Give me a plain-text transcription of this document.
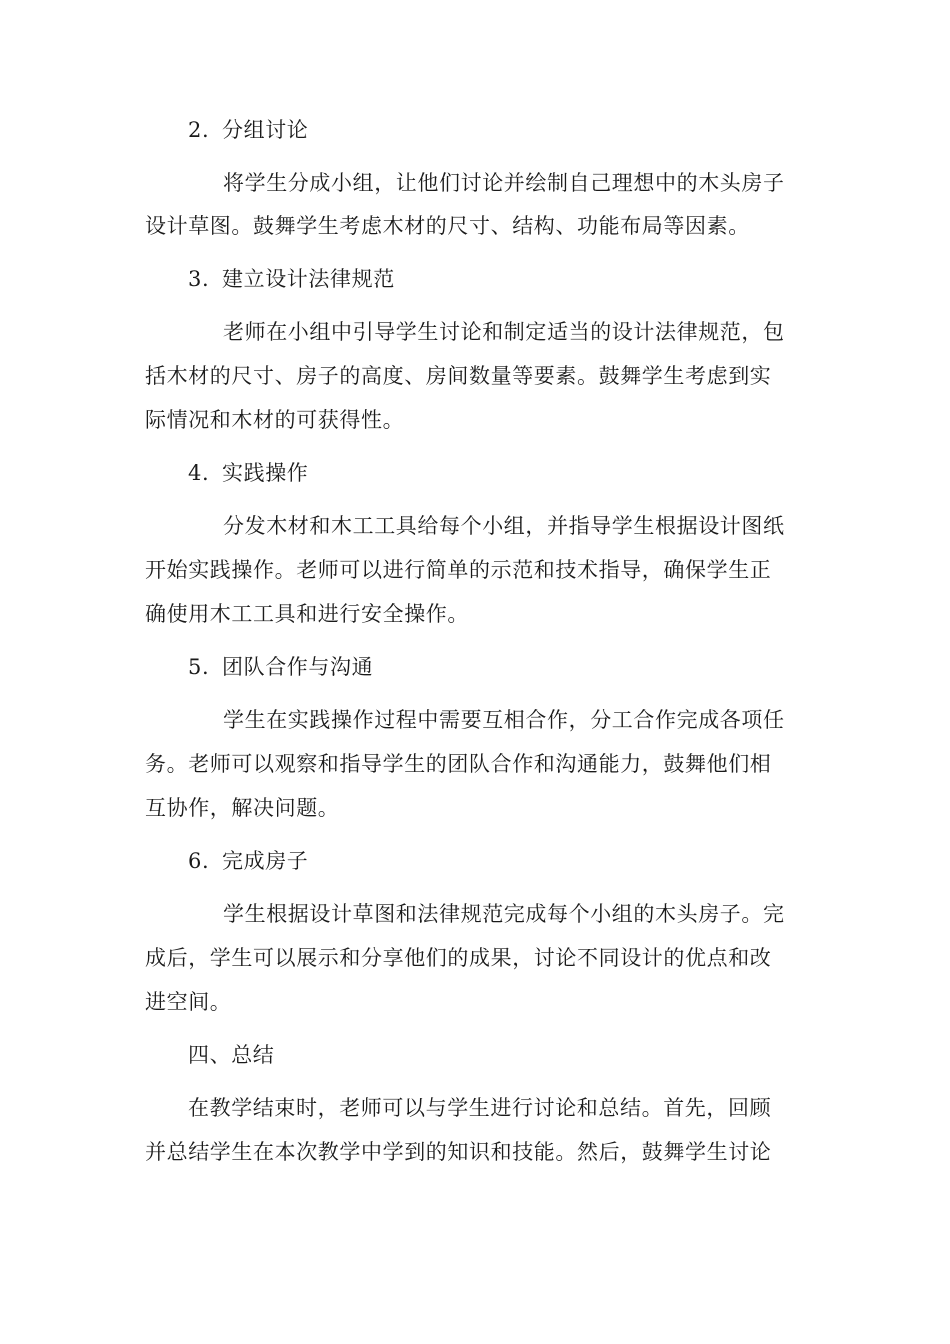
2. 分组讨论
将学生分成小组，让他们讨论并绘制自己理想中的木头房子
设计草图。鼓舞学生考虑木材的尺寸、结构、功能布局等因素。
3. 建立设计法律规范
老师在小组中引导学生讨论和制定适当的设计法律规范，包
括木材的尺寸、房子的高度、房间数量等要素。鼓舞学生考虑到实
际情况和木材的可获得性。
4. 实践操作
分发木材和木工工具给每个小组，并指导学生根据设计图纸
开始实践操作。老师可以进行简单的示范和技术指导，确保学生正
确使用木工工具和进行安全操作。
5. 团队合作与沟通
学生在实践操作过程中需要互相合作，分工合作完成各项任
务。老师可以观察和指导学生的团队合作和沟通能力，鼓舞他们相
互协作，解决问题。
6. 完成房子
学生根据设计草图和法律规范完成每个小组的木头房子。完
成后，学生可以展示和分享他们的成果，讨论不同设计的优点和改
进空间。
四、总结
在教学结束时，老师可以与学生进行讨论和总结。首先，回顾
并总结学生在本次教学中学到的知识和技能。然后，鼓舞学生讨论
